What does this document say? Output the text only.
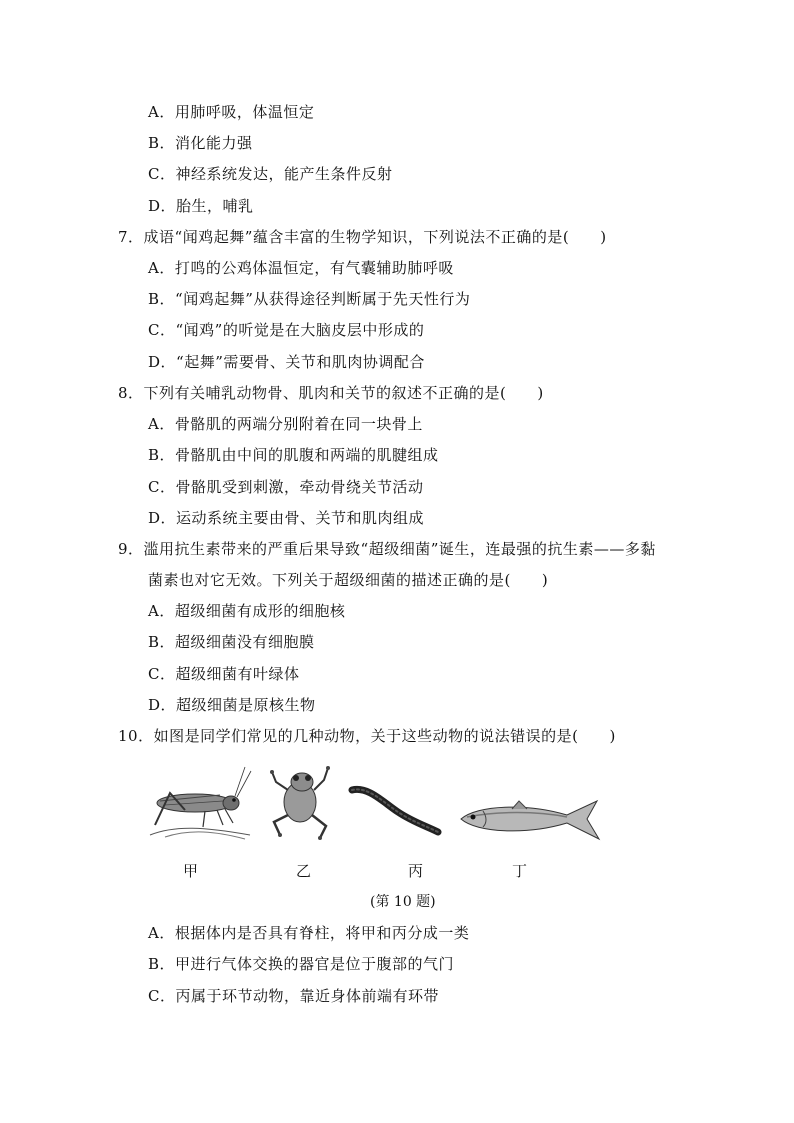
A．用肺呼吸，体温恒定
B．消化能力强
C．神经系统发达，能产生条件反射
D．胎生，哺乳
7．成语“闻鸡起舞”蕴含丰富的生物学知识，下列说法不正确的是(　　)
A．打鸣的公鸡体温恒定，有气囊辅助肺呼吸
B．“闻鸡起舞”从获得途径判断属于先天性行为
C．“闻鸡”的听觉是在大脑皮层中形成的
D．“起舞”需要骨、关节和肌肉协调配合
8．下列有关哺乳动物骨、肌肉和关节的叙述不正确的是(　　)
A．骨骼肌的两端分别附着在同一块骨上
B．骨骼肌由中间的肌腹和两端的肌腱组成
C．骨骼肌受到刺激，牵动骨绕关节活动
D．运动系统主要由骨、关节和肌肉组成
9．滥用抗生素带来的严重后果导致“超级细菌”诞生，连最强的抗生素——多黏
菌素也对它无效。下列关于超级细菌的描述正确的是(　　)
A．超级细菌有成形的细胞核
B．超级细菌没有细胞膜
C．超级细菌有叶绿体
D．超级细菌是原核生物
10．如图是同学们常见的几种动物，关于这些动物的说法错误的是(　　)
甲	乙	丙	丁
(第 10 题)
A．根据体内是否具有脊柱，将甲和丙分成一类
B．甲进行气体交换的器官是位于腹部的气门
C．丙属于环节动物，靠近身体前端有环带
